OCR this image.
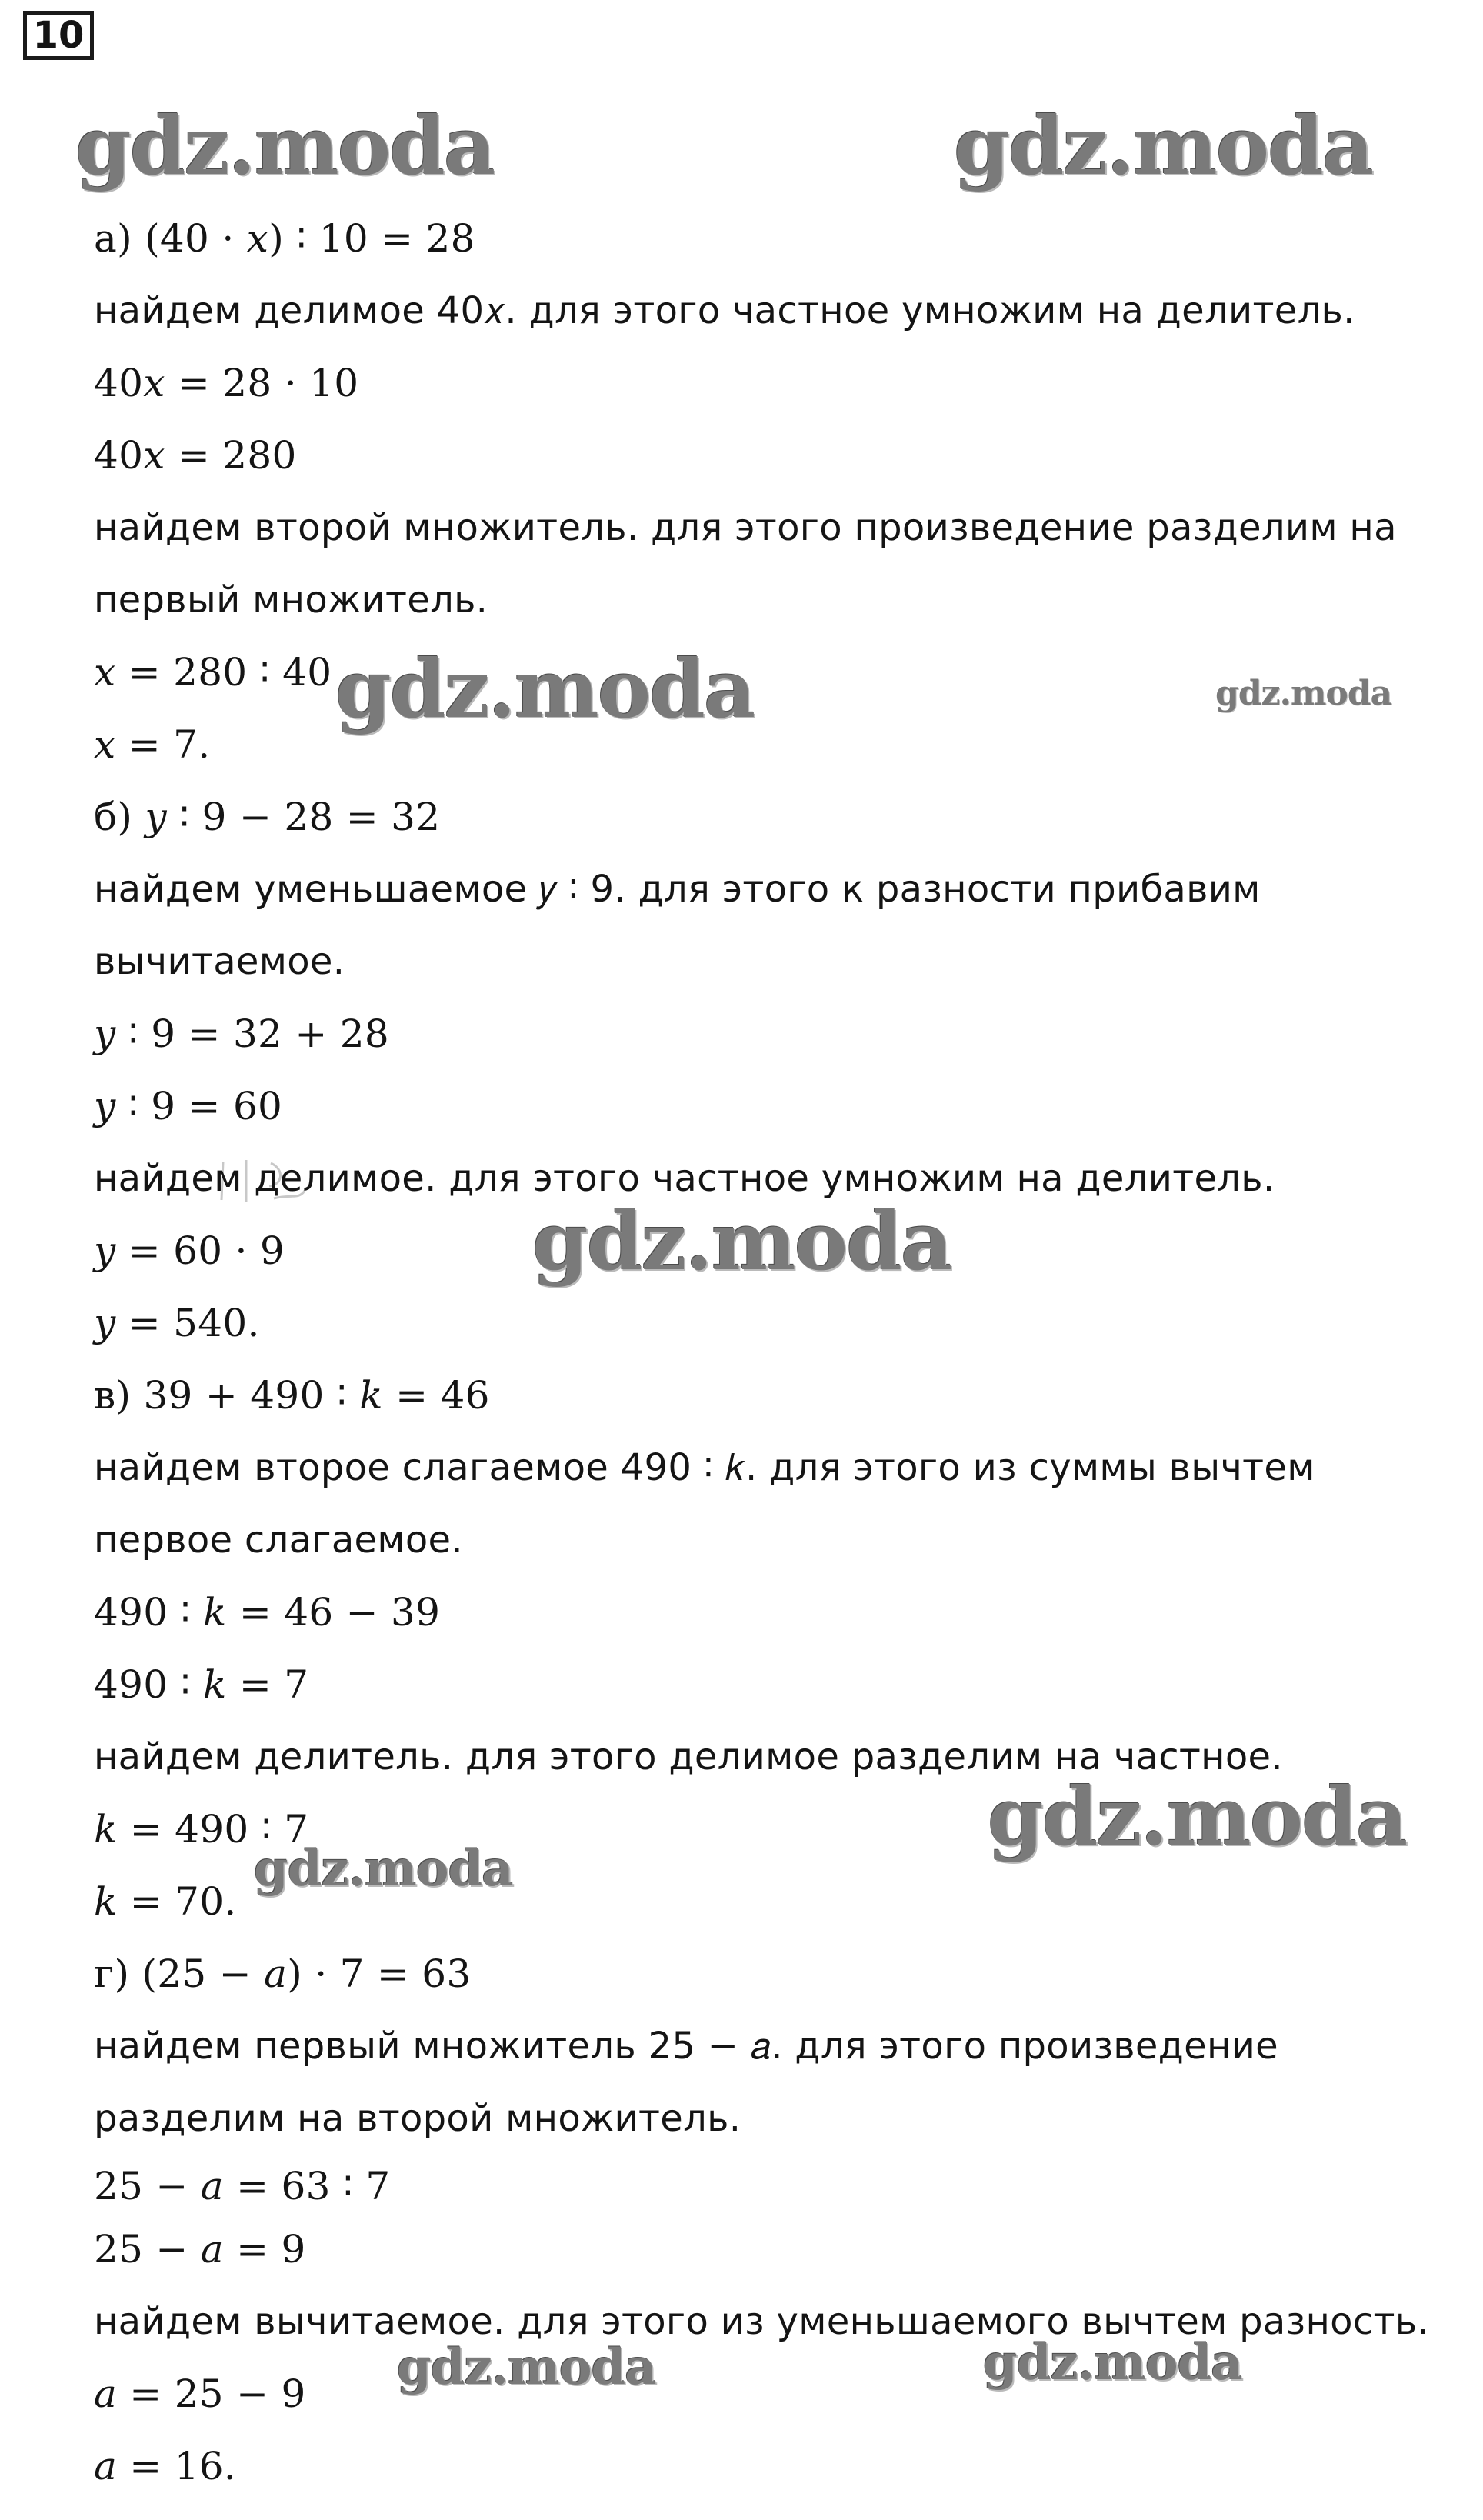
10
gdz.moda	gdz.moda
gdz.moda	gdz.moda
gdz.moda
gdz.moda
gdz.moda
gdz.moda	gdz.moda
а) (40 · 𝑥) ∶ 10 = 28
найдем делимое 40𝑥. для этого частное умножим на делитель.
40𝑥 = 28 · 10
40𝑥 = 280
найдем второй множитель. для этого произведение разделим на
первый множитель.
𝑥 = 280 ∶ 40
𝑥 = 7.
б) 𝑦 ∶ 9 − 28 = 32
найдем уменьшаемое 𝑦 ∶ 9. для этого к разности прибавим
вычитаемое.
𝑦 ∶ 9 = 32 + 28
𝑦 ∶ 9 = 60
найдем делимое. для этого частное умножим на делитель.
𝑦 = 60 · 9
𝑦 = 540.
в) 39 + 490 ∶ 𝑘 = 46
найдем второе слагаемое 490 ∶ 𝑘. для этого из суммы вычтем
первое слагаемое.
490 ∶ 𝑘 = 46 − 39
490 ∶ 𝑘 = 7
найдем делитель. для этого делимое разделим на частное.
𝑘 = 490 ∶ 7
𝑘 = 70.
г) (25 − 𝑎) · 7 = 63
найдем первый множитель 25 − 𝑎. для этого произведение
разделим на второй множитель.
25 − 𝑎 = 63 ∶ 7
25 − 𝑎 = 9
найдем вычитаемое. для этого из уменьшаемого вычтем разность.
𝑎 = 25 − 9
𝑎 = 16.
